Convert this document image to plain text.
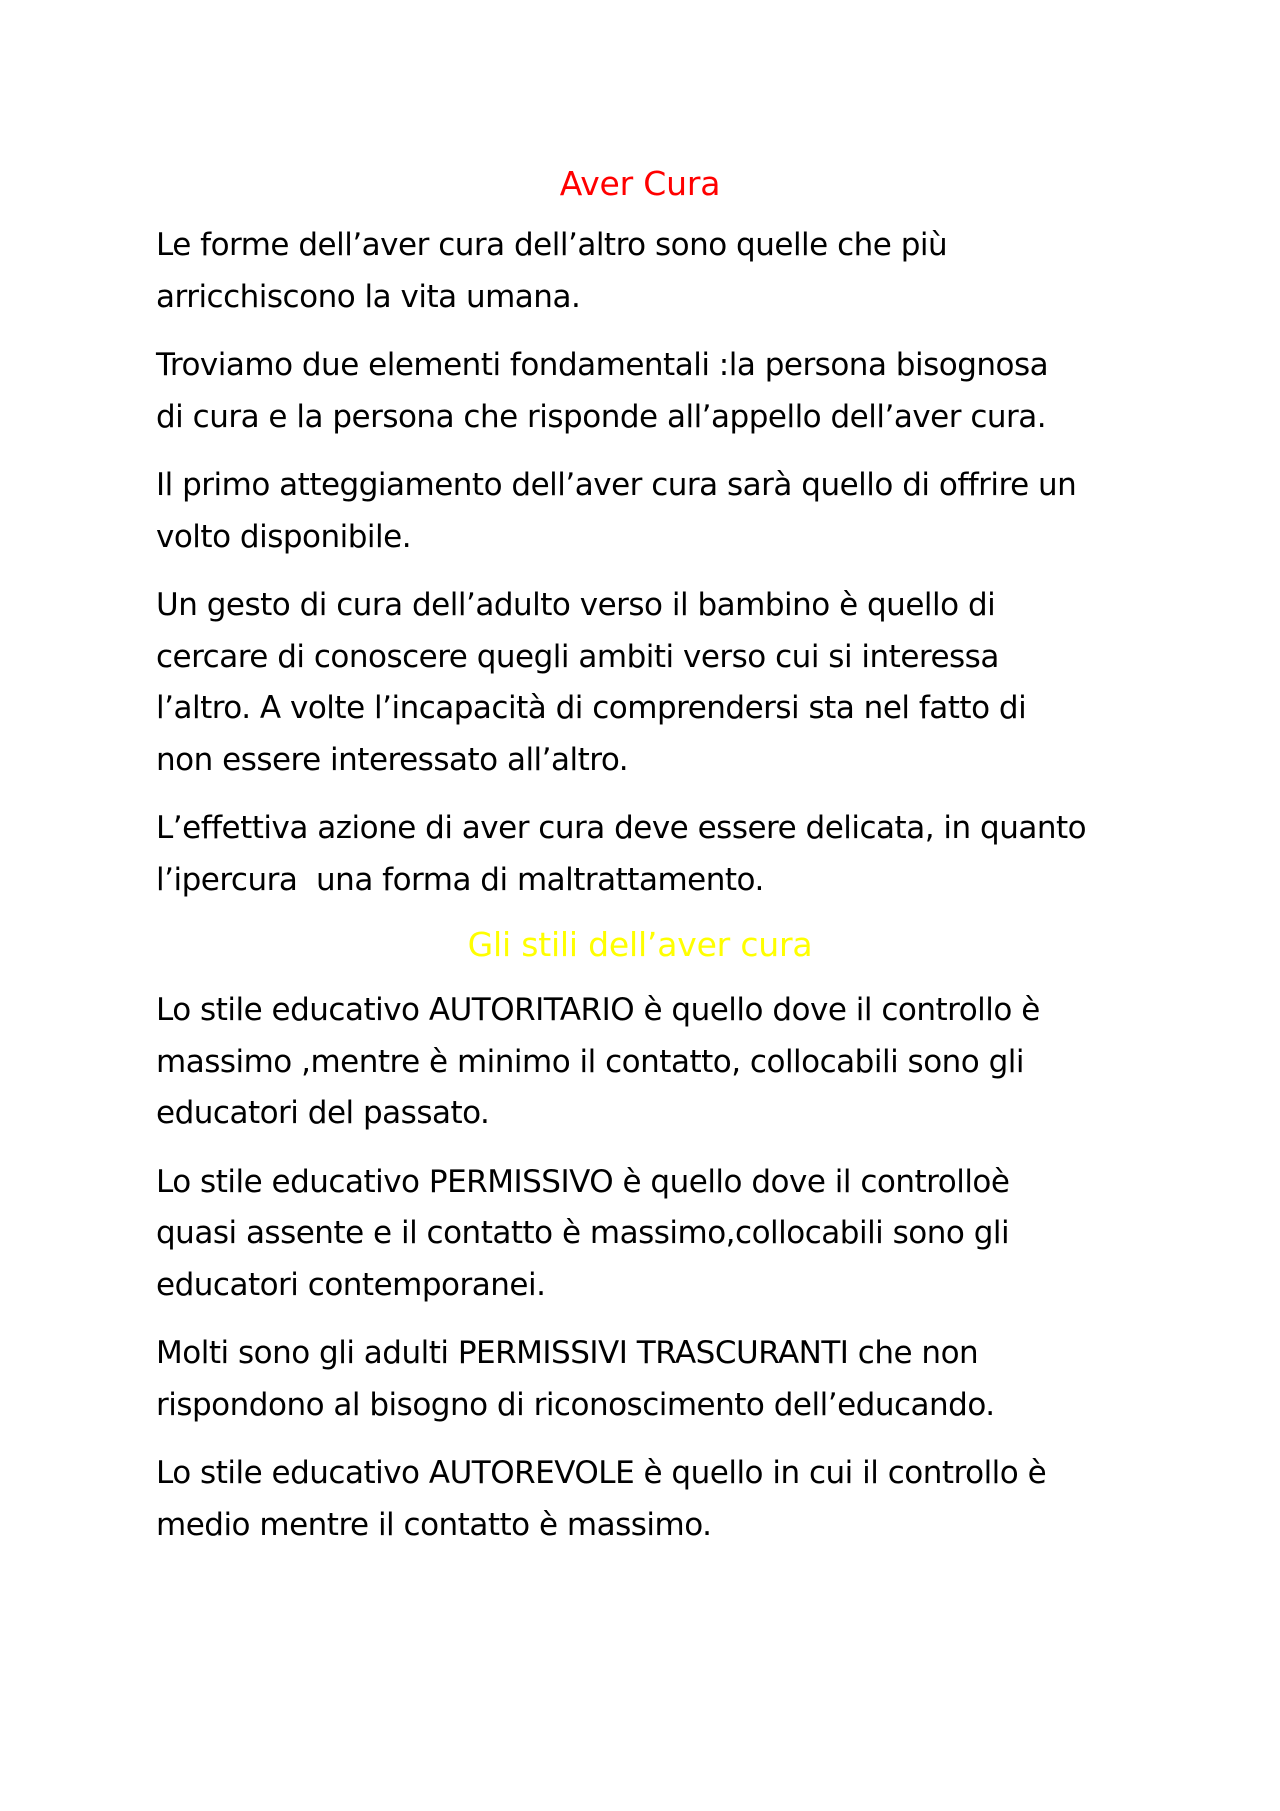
Aver Cura

Le forme dell’aver cura dell’altro sono quelle che più
arricchiscono la vita umana.

Troviamo due elementi fondamentali :la persona bisognosa
di cura e la persona che risponde all’appello dell’aver cura.

Il primo atteggiamento dell’aver cura sarà quello di offrire un
volto disponibile.

Un gesto di cura dell’adulto verso il bambino è quello di
cercare di conoscere quegli ambiti verso cui si interessa
l’altro. A volte l’incapacità di comprendersi sta nel fatto di
non essere interessato all’altro.

L’effettiva azione di aver cura deve essere delicata, in quanto
l’ipercura  una forma di maltrattamento.

Gli stili dell’aver cura

Lo stile educativo AUTORITARIO è quello dove il controllo è
massimo ,mentre è minimo il contatto, collocabili sono gli
educatori del passato.

Lo stile educativo PERMISSIVO è quello dove il controlloè
quasi assente e il contatto è massimo,collocabili sono gli
educatori contemporanei.

Molti sono gli adulti PERMISSIVI TRASCURANTI che non
rispondono al bisogno di riconoscimento dell’educando.

Lo stile educativo AUTOREVOLE è quello in cui il controllo è
medio mentre il contatto è massimo.
